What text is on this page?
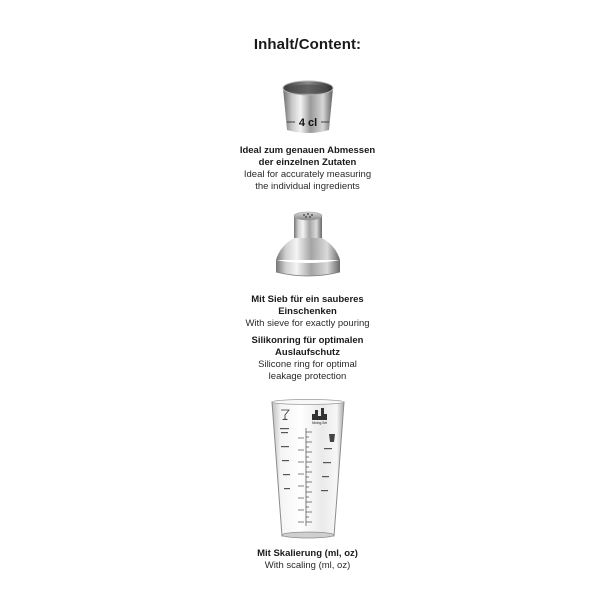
Inhalt/Content:
4 cl
Ideal zum genauen Abmessen
der einzelnen Zutaten
Ideal for accurately measuring
the individual ingredients
Mit Sieb für ein sauberes
Einschenken
With sieve for exactly pouring
Silikonring für optimalen
Auslaufschutz
Silicone ring for optimal
leakage protection
Mixing-Set
Mit Skalierung (ml, oz)
With scaling (ml, oz)
